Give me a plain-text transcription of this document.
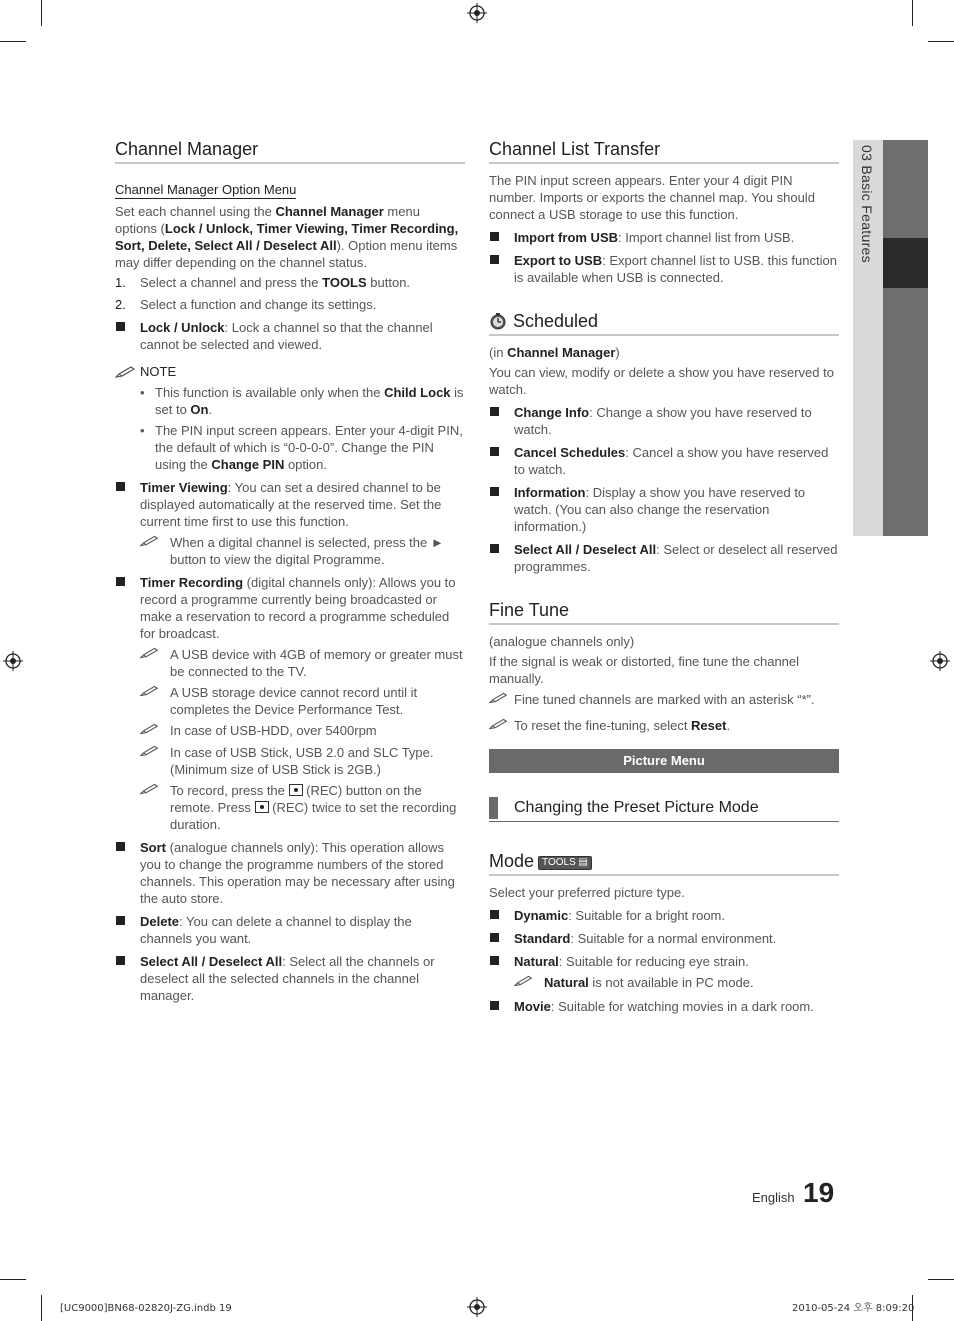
03 Basic Features
Channel Manager
Channel Manager Option Menu

Set each channel using the Channel Manager menu options (Lock / Unlock, Timer Viewing, Timer Recording, Sort, Delete, Select All / Deselect All). Option menu items may differ depending on the channel status.

1.	Select a channel and press the TOOLS button.
2.	Select a function and change its settings.
Lock / Unlock: Lock a channel so that the channel cannot be selected and viewed.
NOTE
• This function is available only when the Child Lock is set to On.
• The PIN input screen appears. Enter your 4-digit PIN, the default of which is “0-0-0-0”. Change the PIN using the Change PIN option.
Timer Viewing: You can set a desired channel to be displayed automatically at the reserved time. Set the current time first to use this function.
When a digital channel is selected, press the ► button to view the digital Programme.
Timer Recording (digital channels only): Allows you to record a programme currently being broadcasted or make a reservation to record a programme scheduled for broadcast.
A USB device with 4GB of memory or greater must be connected to the TV.
A USB storage device cannot record until it completes the Device Performance Test.
In case of USB-HDD, over 5400rpm
In case of USB Stick, USB 2.0 and SLC Type. (Minimum size of USB Stick is 2GB.)
To record, press the  (REC) button on the remote. Press  (REC) twice to set the recording duration.
Sort (analogue channels only): This operation allows you to change the programme numbers of the stored channels. This operation may be necessary after using the auto store.
Delete: You can delete a channel to display the channels you want.
Select All / Deselect All: Select all the channels or deselect all the selected channels in the channel manager.
Channel List Transfer

The PIN input screen appears. Enter your 4 digit PIN number. Imports or exports the channel map. You should connect a USB storage to use this function.

Import from USB: Import channel list from USB.
Export to USB: Export channel list to USB. this function is available when USB is connected.
Scheduled

(in Channel Manager)

You can view, modify or delete a show you have reserved to watch.

Change Info: Change a show you have reserved to watch.
Cancel Schedules: Cancel a show you have reserved to watch.
Information: Display a show you have reserved to watch. (You can also change the reservation information.)
Select All / Deselect All: Select or deselect all reserved programmes.
Fine Tune

(analogue channels only)

If the signal is weak or distorted, fine tune the channel manually.

Fine tuned channels are marked with an asterisk “*”.
To reset the fine-tuning, select Reset.
Picture Menu
Changing the Preset Picture Mode
Mode TOOLS ▤

Select your preferred picture type.

Dynamic: Suitable for a bright room.
Standard: Suitable for a normal environment.
Natural: Suitable for reducing eye strain.
Natural is not available in PC mode.
Movie: Suitable for watching movies in a dark room.
English 19
[UC9000]BN68-02820J-ZG.indb 19	2010-05-24 오후 8:09:20
